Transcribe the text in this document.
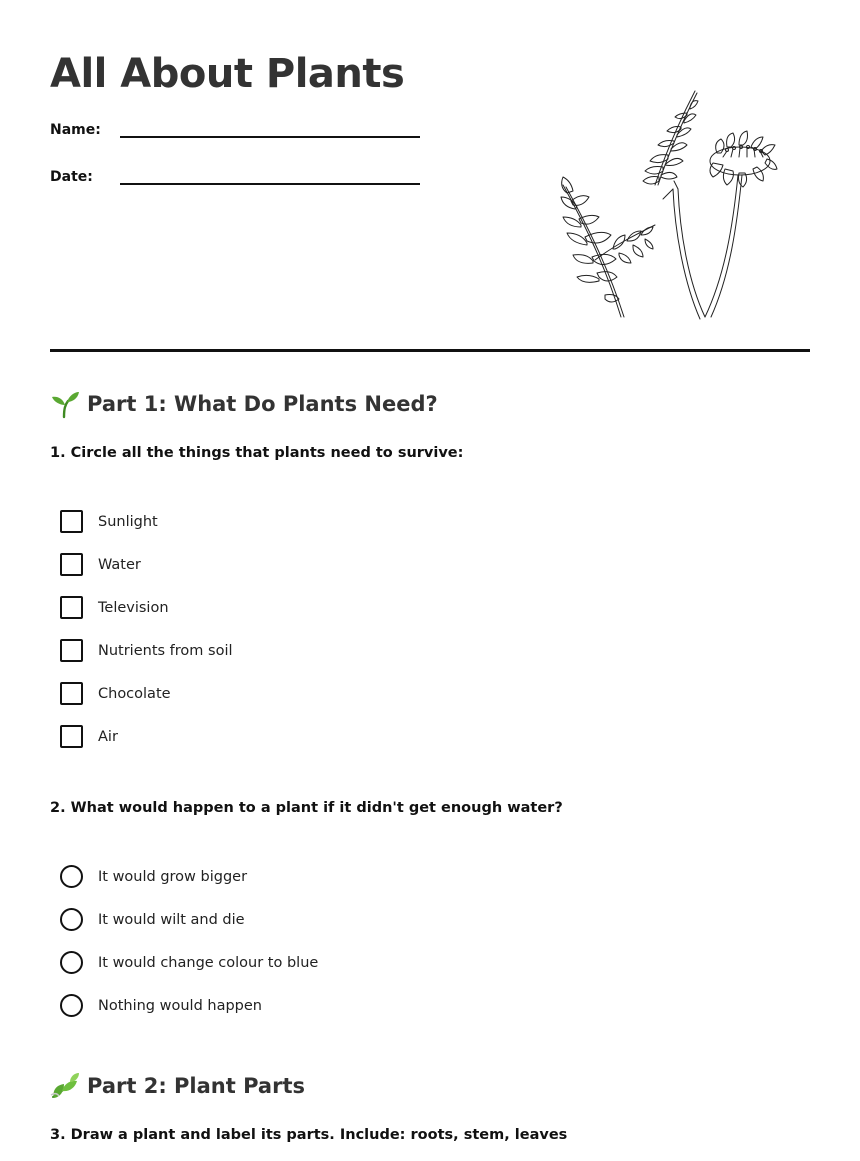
All About Plants
Name:
Date:
Part 1: What Do Plants Need?

1. Circle all the things that plants need to survive:

Sunlight
Water
Television
Nutrients from soil
Chocolate
Air

2. What would happen to a plant if it didn't get enough water?

It would grow bigger
It would wilt and die
It would change colour to blue
Nothing would happen
Part 2: Plant Parts

3. Draw a plant and label its parts. Include: roots, stem, leaves
